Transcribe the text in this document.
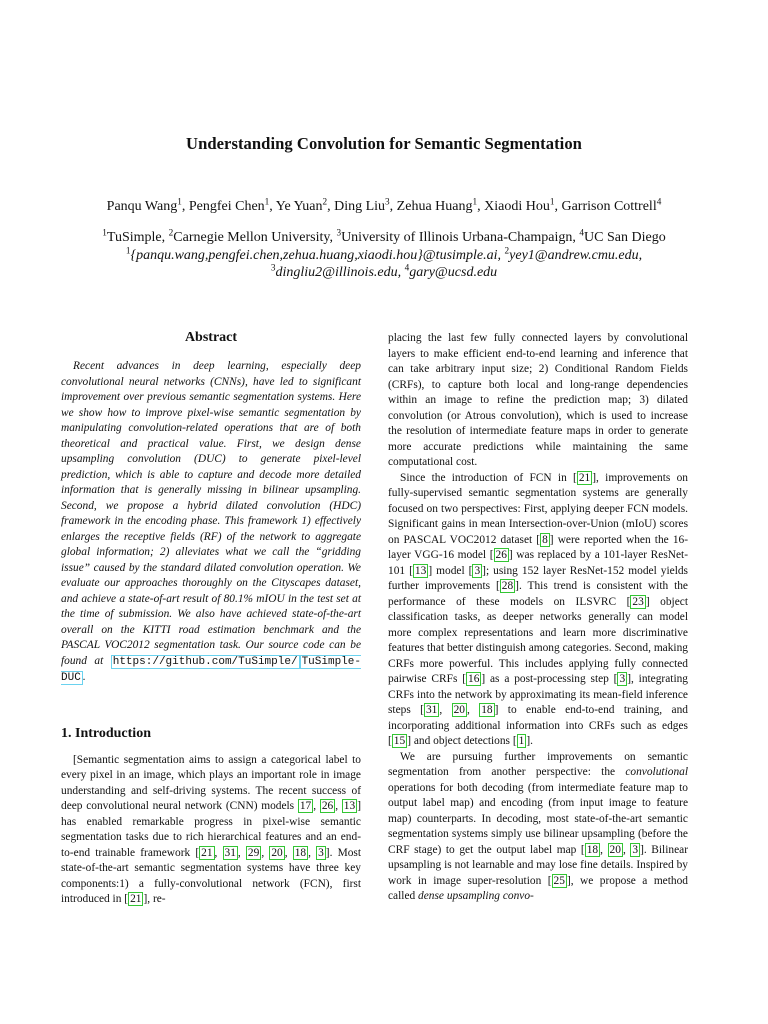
Understanding Convolution for Semantic Segmentation
Panqu Wang$^1$, Pengfei Chen$^1$, Ye Yuan$^2$, Ding Liu$^3$, Zehua Huang$^1$, Xiaodi Hou$^1$, Garrison Cottrell$^4$
$^1$TuSimple, $^2$Carnegie Mellon University, $^3$University of Illinois Urbana-Champaign, $^4$UC San Diego
$^1${panqu.wang,pengfei.chen,zehua.huang,xiaodi.hou}@tusimple.ai, $^2$yey1@andrew.cmu.edu,
$^3$dingliu2@illinois.edu, $^4$gary@ucsd.edu
Abstract

Recent advances in deep learning, especially deep convolutional neural networks (CNNs), have led to significant improvement over previous semantic segmentation systems. Here we show how to improve pixel-wise semantic segmentation by manipulating convolution-related operations that are of both theoretical and practical value. First, we design dense upsampling convolution (DUC) to generate pixel-level prediction, which is able to capture and decode more detailed information that is generally missing in bilinear upsampling. Second, we propose a hybrid dilated convolution (HDC) framework in the encoding phase. This framework 1) effectively enlarges the receptive fields (RF) of the network to aggregate global information; 2) alleviates what we call the “gridding issue” caused by the standard dilated convolution operation. We evaluate our approaches thoroughly on the Cityscapes dataset, and achieve a state-of-art result of 80.1% mIOU in the test set at the time of submission. We also have achieved state-of-the-art overall on the KITTI road estimation benchmark and the PASCAL VOC2012 segmentation task. Our source code can be found at https://github.com/TuSimple/ TuSimple-DUC .

1. Introduction

[Semantic segmentation aims to assign a categorical label to every pixel in an image, which plays an important role in image understanding and self-driving systems. The recent success of deep convolutional neural network (CNN) models 17 , 26 , 13 ] has enabled remarkable progress in pixel-wise semantic segmentation tasks due to rich hierarchical features and an end-to-end trainable framework [ 21 , 31 , 29 , 20 , 18 , 3 ]. Most state-of-the-art semantic segmentation systems have three key components:1) a fully-convolutional network (FCN), first introduced in [ 21 ], re-

placing the last few fully connected layers by convolutional layers to make efficient end-to-end learning and inference that can take arbitrary input size; 2) Conditional Random Fields (CRFs), to capture both local and long-range dependencies within an image to refine the prediction map; 3) dilated convolution (or Atrous convolution), which is used to increase the resolution of intermediate feature maps in order to generate more accurate predictions while maintaining the same computational cost.

Since the introduction of FCN in [ 21 ], improvements on fully-supervised semantic segmentation systems are generally focused on two perspectives: First, applying deeper FCN models. Significant gains in mean Intersection-over-Union (mIoU) scores on PASCAL VOC2012 dataset [ 8 ] were reported when the 16-layer VGG-16 model [ 26 ] was replaced by a 101-layer ResNet-101 [ 13 ] model [ 3 ]; using 152 layer ResNet-152 model yields further improvements [ 28 ]. This trend is consistent with the performance of these models on ILSVRC [ 23 ] object classification tasks, as deeper networks generally can model more complex representations and learn more discriminative features that better distinguish among categories. Second, making CRFs more powerful. This includes applying fully connected pairwise CRFs [ 16 ] as a post-processing step [ 3 ], integrating CRFs into the network by approximating its mean-field inference steps [ 31 , 20 , 18 ] to enable end-to-end training, and incorporating additional information into CRFs such as edges [ 15 ] and object detections [ 1 ].

We are pursuing further improvements on semantic segmentation from another perspective: the convolutional operations for both decoding (from intermediate feature map to output label map) and encoding (from input image to feature map) counterparts. In decoding, most state-of-the-art semantic segmentation systems simply use bilinear upsampling (before the CRF stage) to get the output label map [ 18 , 20 , 3 ]. Bilinear upsampling is not learnable and may lose fine details. Inspired by work in image super-resolution [ 25 ], we propose a method called dense upsampling convo-
